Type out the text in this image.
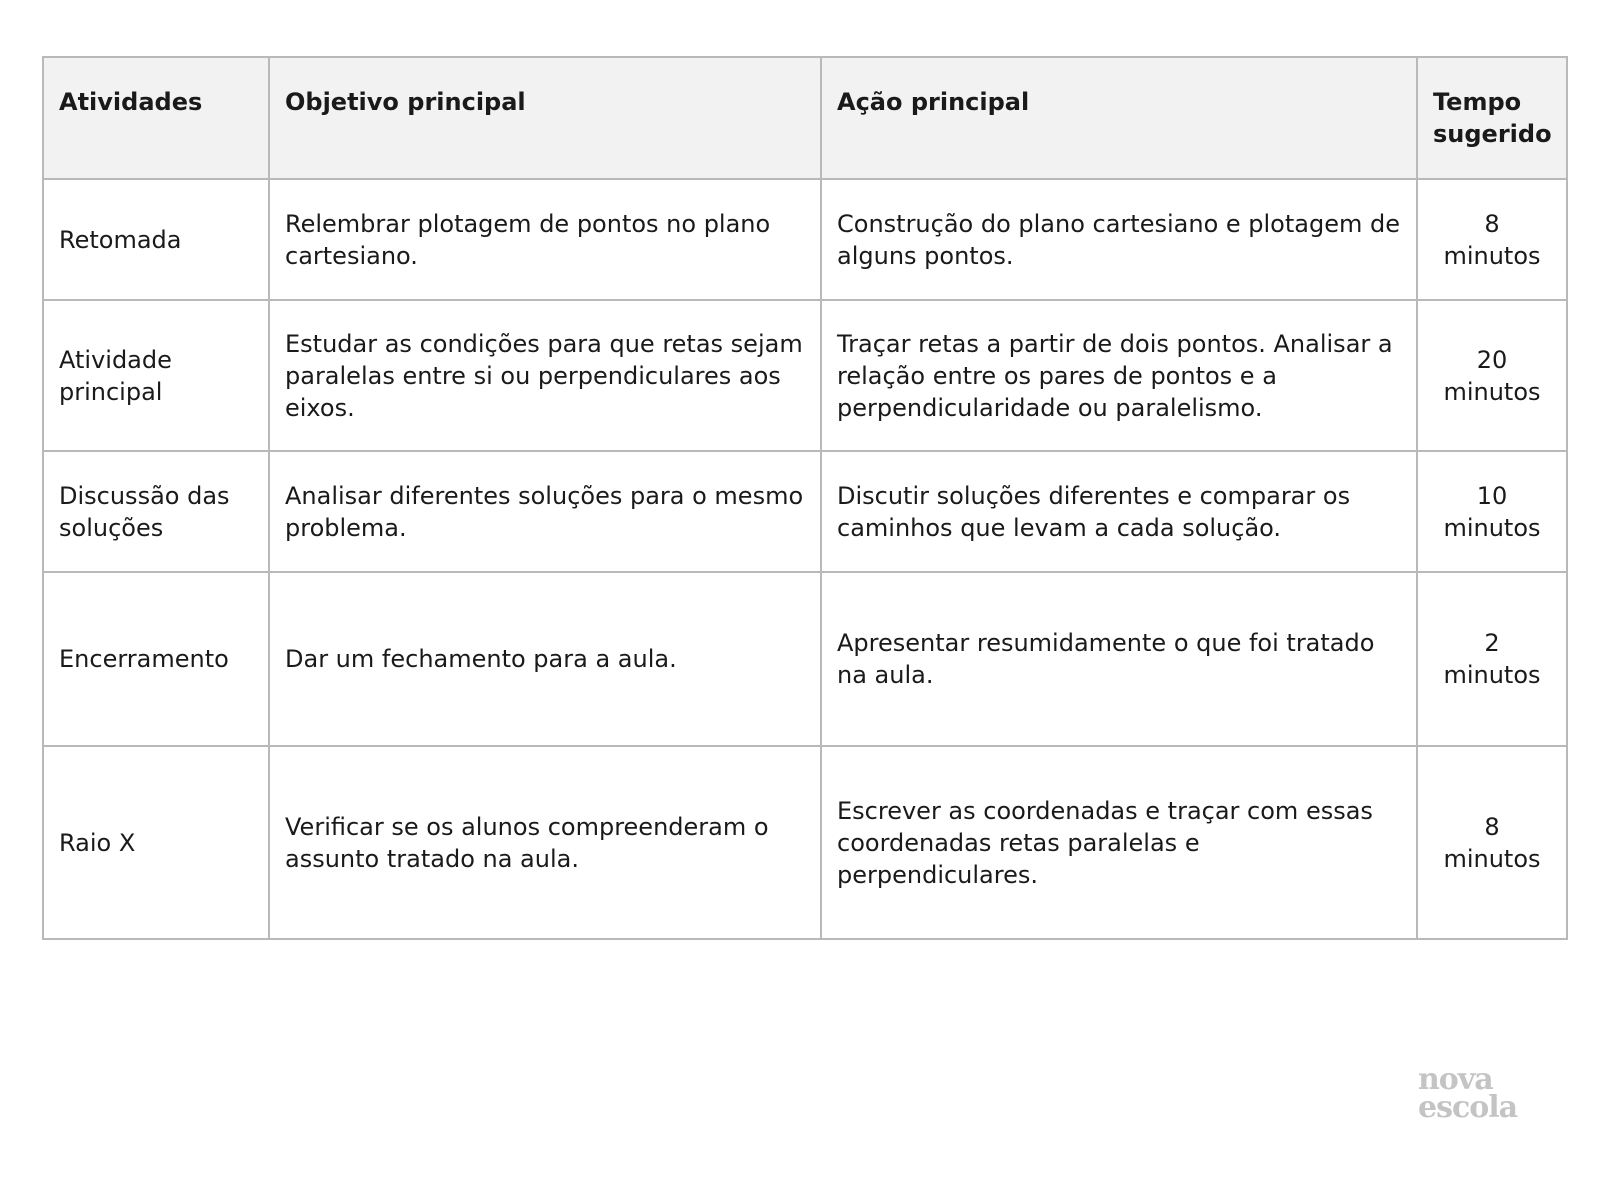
Atividades	Objetivo principal	Ação principal	Tempo sugerido
Retomada	Relembrar plotagem de pontos no plano cartesiano.	Construção do plano cartesiano e plotagem de alguns pontos.	8 minutos
Atividade principal	Estudar as condições para que retas sejam paralelas entre si ou perpendiculares aos eixos.	Traçar retas a partir de dois pontos. Analisar a relação entre os pares de pontos e a perpendicularidade ou paralelismo.	20 minutos
Discussão das soluções	Analisar diferentes soluções para o mesmo problema.	Discutir soluções diferentes e comparar os caminhos que levam a cada solução.	10 minutos
Encerramento	Dar um fechamento para a aula.	Apresentar resumidamente o que foi tratado na aula.	2 minutos
Raio X	Verificar se os alunos compreenderam o assunto tratado na aula.	Escrever as coordenadas e traçar com essas coordenadas retas paralelas e perpendiculares.	8 minutos
nova
escola
